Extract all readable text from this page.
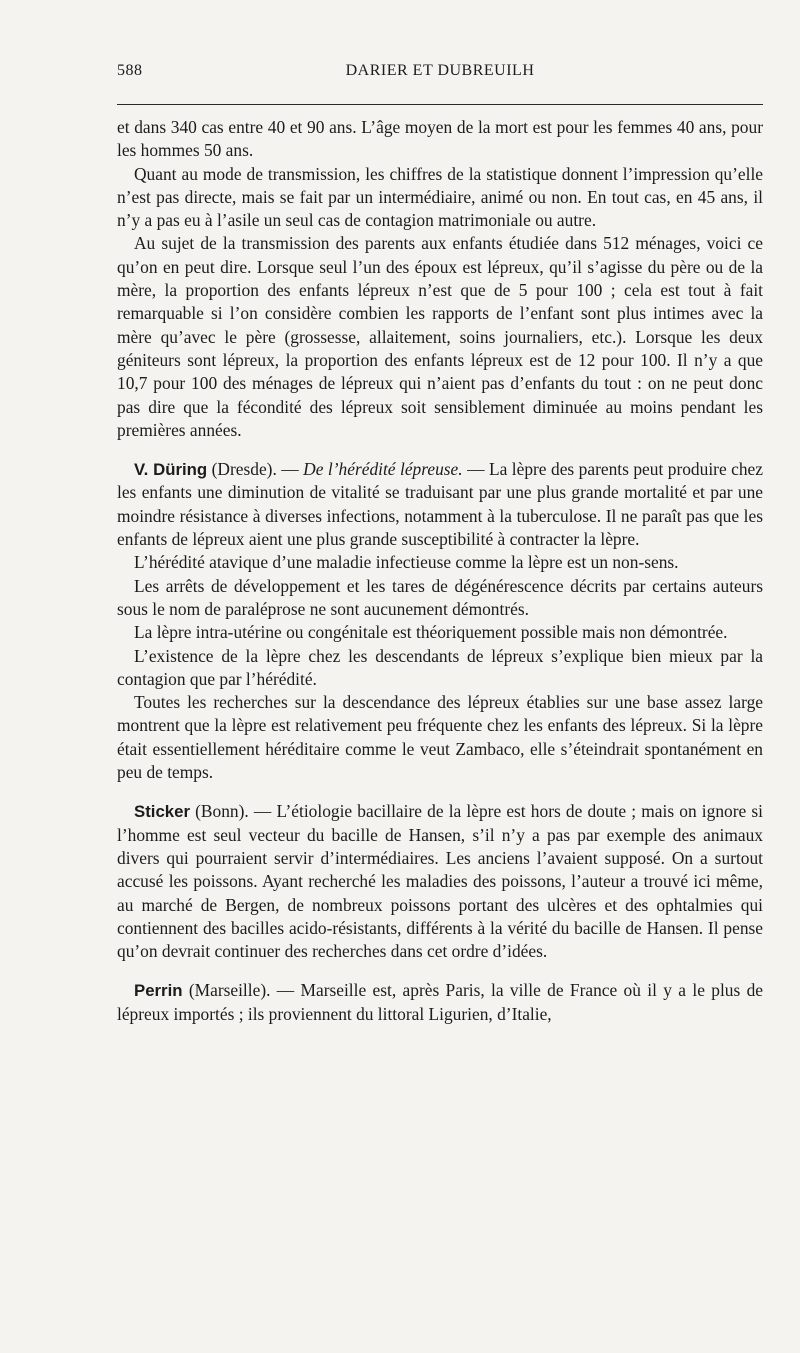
588	DARIER ET DUBREUILH

et dans 340 cas entre 40 et 90 ans. L’âge moyen de la mort est pour les femmes 40 ans, pour les hommes 50 ans.

Quant au mode de transmission, les chiffres de la statistique donnent l’impression qu’elle n’est pas directe, mais se fait par un intermédiaire, animé ou non. En tout cas, en 45 ans, il n’y a pas eu à l’asile un seul cas de contagion matrimoniale ou autre.

Au sujet de la transmission des parents aux enfants étudiée dans 512 ménages, voici ce qu’on en peut dire. Lorsque seul l’un des époux est lépreux, qu’il s’agisse du père ou de la mère, la proportion des enfants lépreux n’est que de 5 pour 100 ; cela est tout à fait remarquable si l’on considère combien les rapports de l’enfant sont plus intimes avec la mère qu’avec le père (grossesse, allaitement, soins journaliers, etc.). Lorsque les deux géniteurs sont lépreux, la proportion des enfants lépreux est de 12 pour 100. Il n’y a que 10,7 pour 100 des ménages de lépreux qui n’aient pas d’enfants du tout : on ne peut donc pas dire que la fécondité des lépreux soit sensiblement diminuée au moins pendant les premières années.

V. Düring (Dresde). — De l’hérédité lépreuse. — La lèpre des parents peut produire chez les enfants une diminution de vitalité se traduisant par une plus grande mortalité et par une moindre résistance à diverses infections, notamment à la tuberculose. Il ne paraît pas que les enfants de lépreux aient une plus grande susceptibilité à contracter la lèpre.

L’hérédité atavique d’une maladie infectieuse comme la lèpre est un non-sens.

Les arrêts de développement et les tares de dégénérescence décrits par certains auteurs sous le nom de paraléprose ne sont aucunement démontrés.

La lèpre intra-utérine ou congénitale est théoriquement possible mais non démontrée.

L’existence de la lèpre chez les descendants de lépreux s’explique bien mieux par la contagion que par l’hérédité.

Toutes les recherches sur la descendance des lépreux établies sur une base assez large montrent que la lèpre est relativement peu fréquente chez les enfants des lépreux. Si la lèpre était essentiellement héréditaire comme le veut Zambaco, elle s’éteindrait spontanément en peu de temps.

Sticker (Bonn). — L’étiologie bacillaire de la lèpre est hors de doute ; mais on ignore si l’homme est seul vecteur du bacille de Hansen, s’il n’y a pas par exemple des animaux divers qui pourraient servir d’intermédiaires. Les anciens l’avaient supposé. On a surtout accusé les poissons. Ayant recherché les maladies des poissons, l’auteur a trouvé ici même, au marché de Bergen, de nombreux poissons portant des ulcères et des ophtalmies qui contiennent des bacilles acido-résistants, différents à la vérité du bacille de Hansen. Il pense qu’on devrait continuer des recherches dans cet ordre d’idées.

Perrin (Marseille). — Marseille est, après Paris, la ville de France où il y a le plus de lépreux importés ; ils proviennent du littoral Ligurien, d’Italie,
